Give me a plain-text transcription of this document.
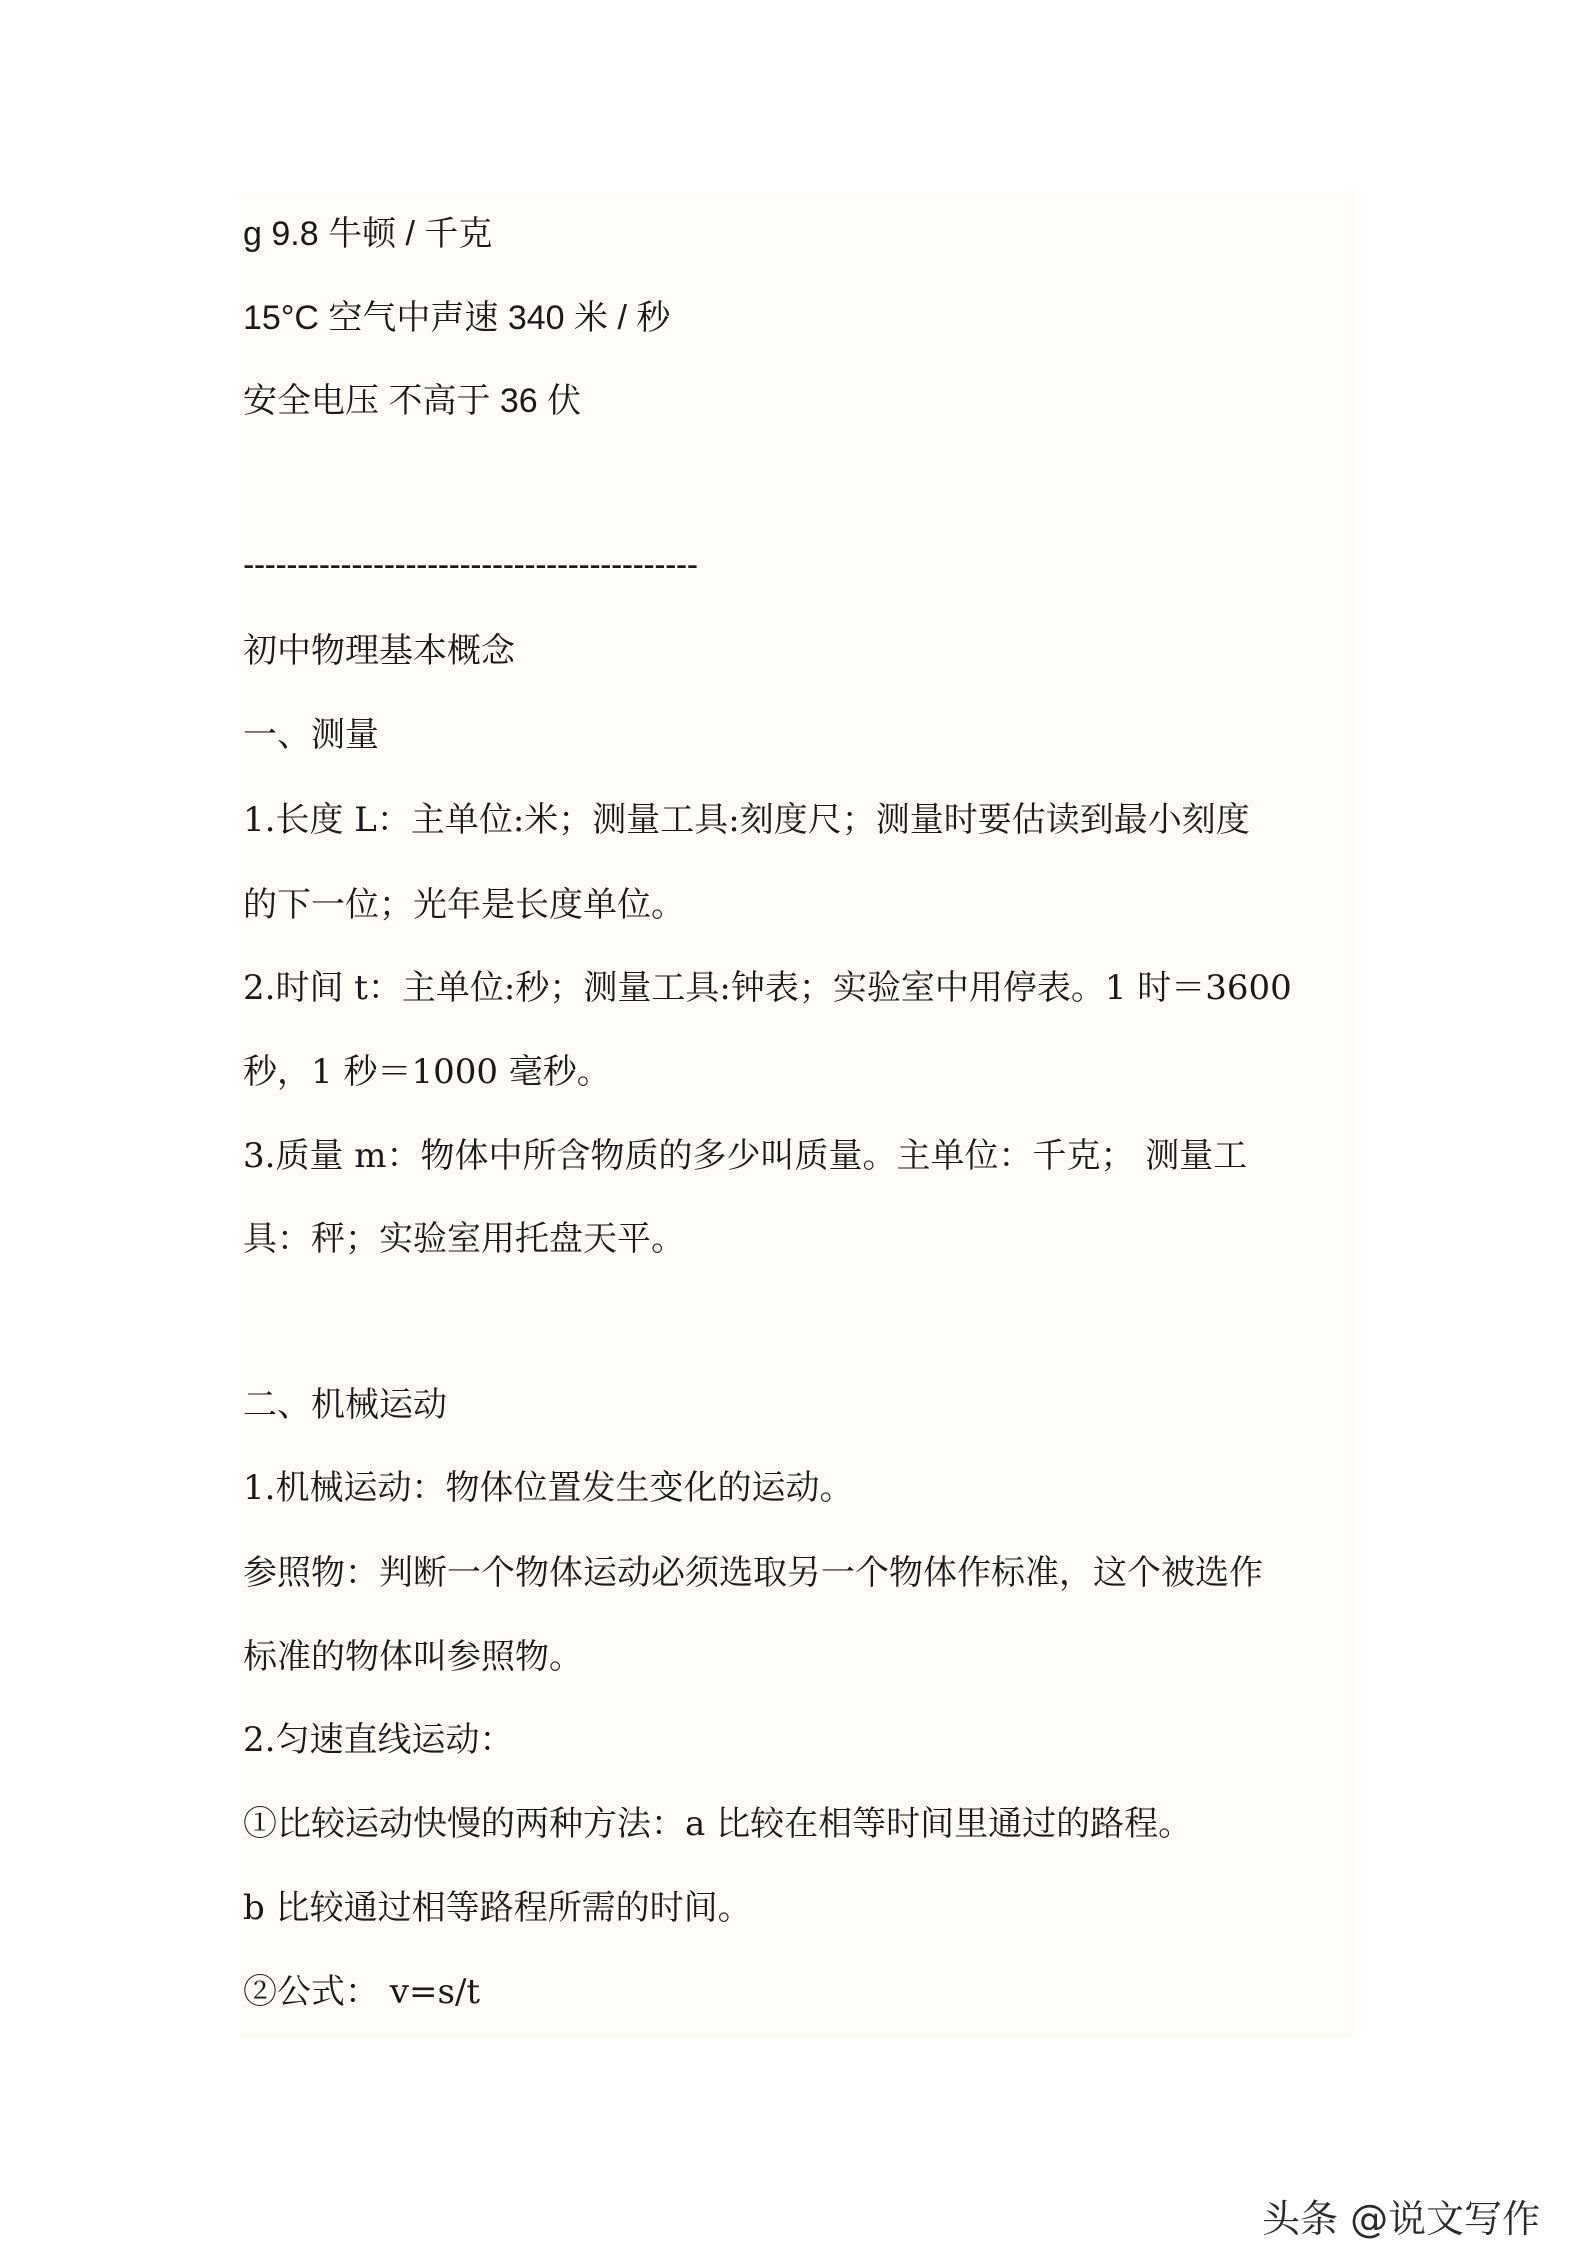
g 9.8 牛顿 / 千克
15°C 空气中声速 340 米 / 秒
安全电压 不高于 36 伏
------------------------------------------
初中物理基本概念
一、测量
1.长度 L：主单位:米；测量工具:刻度尺；测量时要估读到最小刻度
的下一位；光年是长度单位。
2.时间 t：主单位:秒；测量工具:钟表；实验室中用停表。1 时＝3600
秒，1 秒＝1000 毫秒。
3.质量 m：物体中所含物质的多少叫质量。主单位：千克； 测量工
具：秤；实验室用托盘天平。
二、机械运动
1.机械运动：物体位置发生变化的运动。
参照物：判断一个物体运动必须选取另一个物体作标准，这个被选作
标准的物体叫参照物。
2.匀速直线运动：
①比较运动快慢的两种方法：a 比较在相等时间里通过的路程。
b 比较通过相等路程所需的时间。
②公式： v=s/t
头条 @说文写作
